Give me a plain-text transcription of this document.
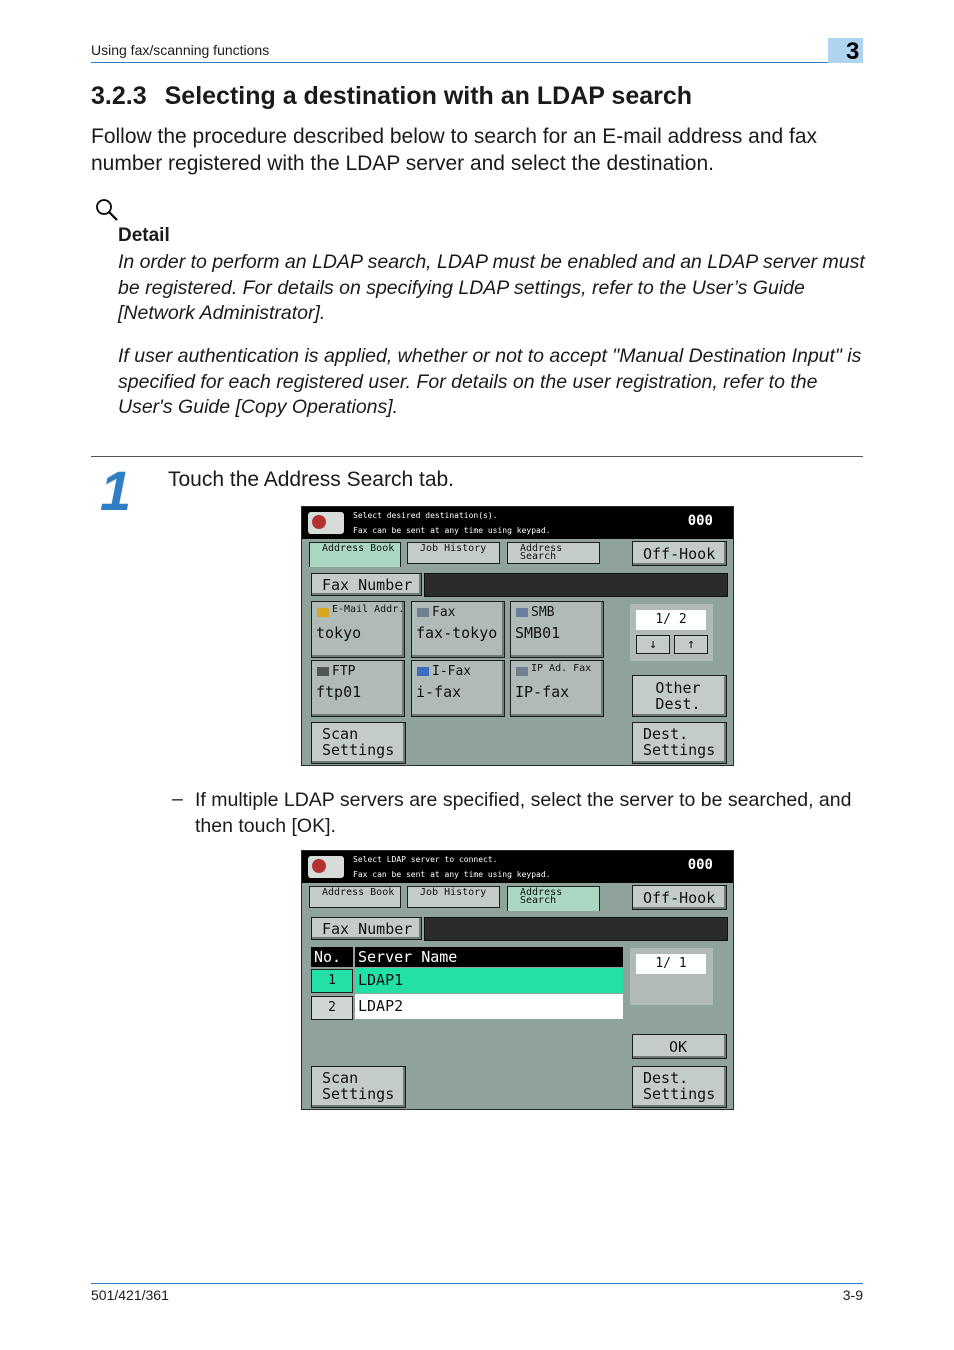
Using fax/scanning functions	3
3.2.3 Selecting a destination with an LDAP search
Follow the procedure described below to search for an E-mail address and fax number registered with the LDAP server and select the destination.
Detail
In order to perform an LDAP search, LDAP must be enabled and an LDAP server must be registered. For details on specifying LDAP settings, refer to the User’s Guide [Network Administrator].
If user authentication is applied, whether or not to accept "Manual Destination Input" is specified for each registered user. For details on the user registration, refer to the User's Guide [Copy Operations].
1 Touch the Address Search tab.
Select desired destination(s).
Fax can be sent at any time using keypad.
000
Address Book	Job History	Address Search	Off-Hook
Fax Number
E-Mail Addr.
tokyo
Fax
fax-tokyo
SMB
SMB01
FTP
ftp01
I-Fax
i-fax
IP Ad. Fax
IP-fax
1/ 2
↓	↑
Other Dest.
Scan Settings
Dest. Settings
– If multiple LDAP servers are specified, select the server to be searched, and then touch [OK].
Select LDAP server to connect.
Fax can be sent at any time using keypad.
000
Address Book	Job History	Address Search	Off-Hook
Fax Number
No.	Server Name
1	LDAP1
2	LDAP2
1/ 1
OK
Scan Settings
Dest. Settings
501/421/361	3-9
